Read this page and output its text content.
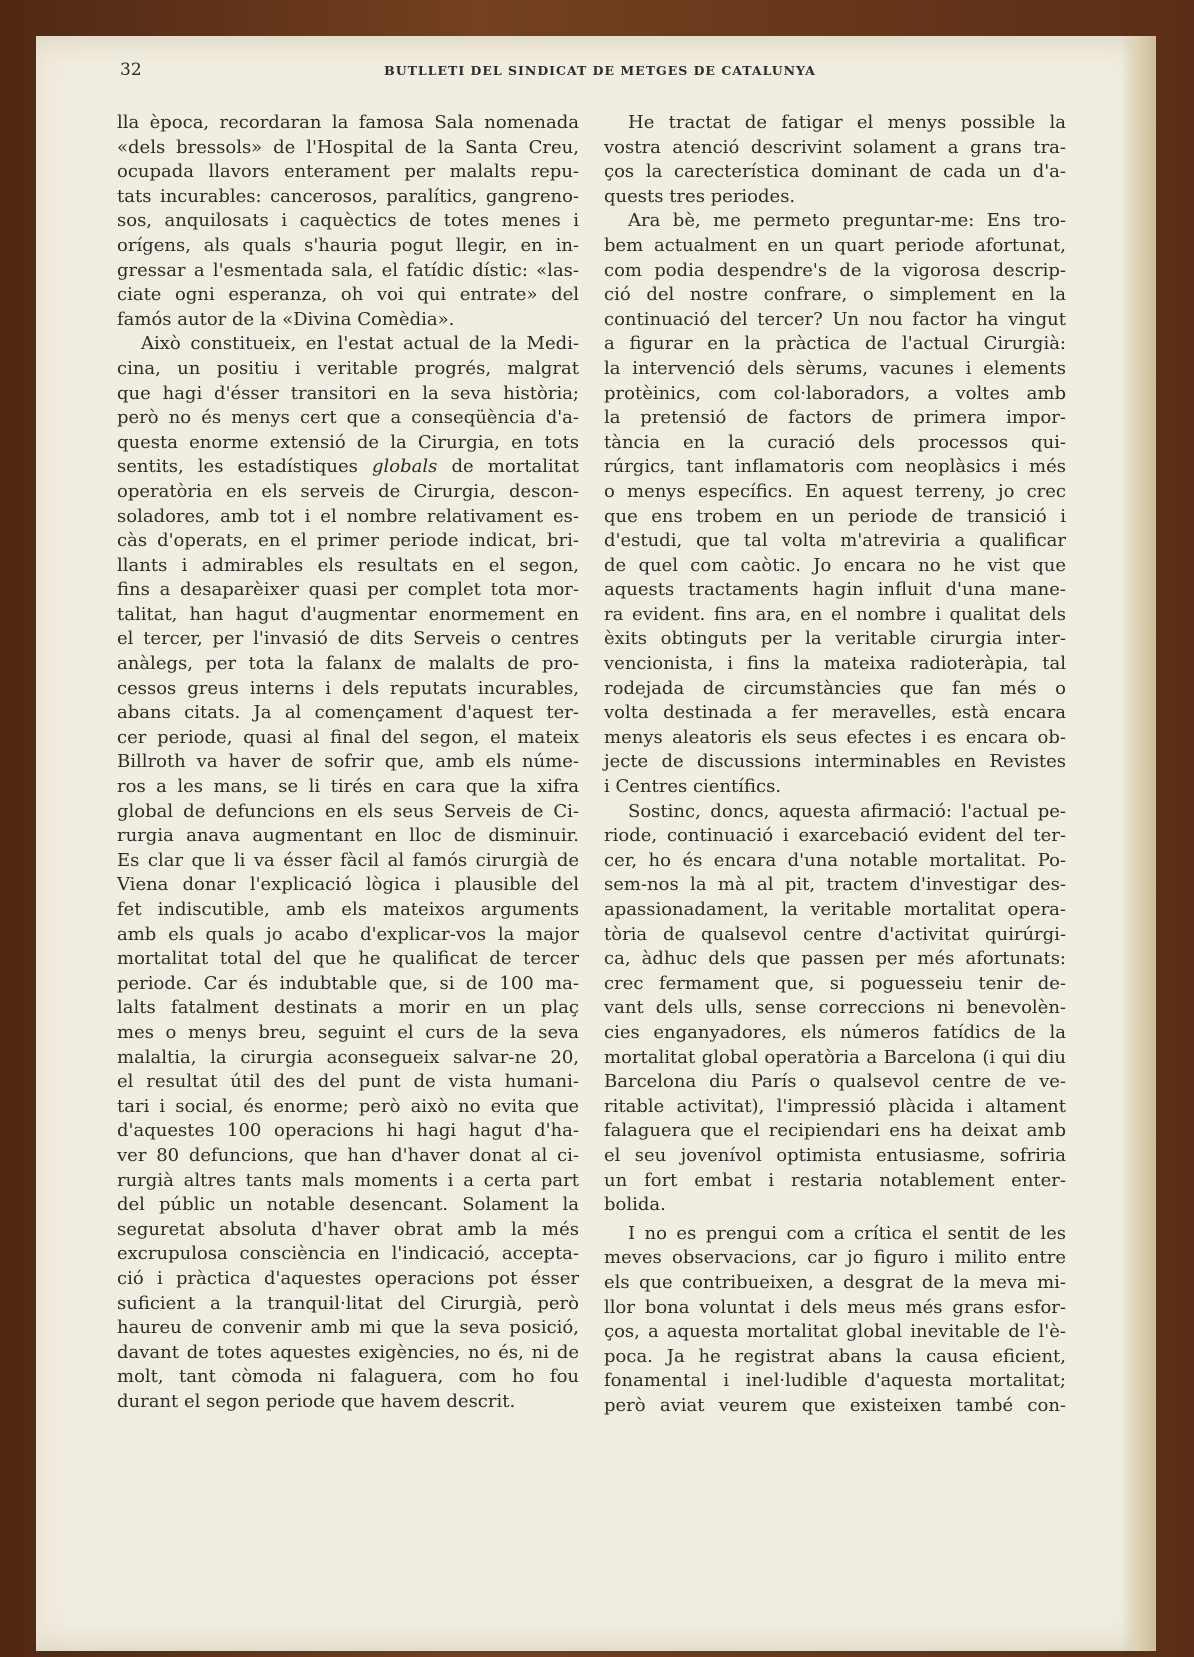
32	BUTLLETI DEL SINDICAT DE METGES DE CATALUNYA
lla època, recordaran la famosa Sala nomenada
«dels bressols» de l'Hospital de la Santa Creu,
ocupada llavors enterament per malalts repu-
tats incurables: cancerosos, paralítics, gangreno-
sos, anquilosats i caquèctics de totes menes i
orígens, als quals s'hauria pogut llegir, en in-
gressar a l'esmentada sala, el fatídic dístic: «las-
ciate ogni esperanza, oh voi qui entrate» del
famós autor de la «Divina Comèdia».
Això constitueix, en l'estat actual de la Medi-
cina, un positiu i veritable progrés, malgrat
que hagi d'ésser transitori en la seva història;
però no és menys cert que a conseqüència d'a-
questa enorme extensió de la Cirurgia, en tots
sentits, les estadístiques globals de mortalitat
operatòria en els serveis de Cirurgia, descon-
soladores, amb tot i el nombre relativament es-
càs d'operats, en el primer periode indicat, bri-
llants i admirables els resultats en el segon,
fins a desaparèixer quasi per complet tota mor-
talitat, han hagut d'augmentar enormement en
el tercer, per l'invasió de dits Serveis o centres
anàlegs, per tota la falanx de malalts de pro-
cessos greus interns i dels reputats incurables,
abans citats. Ja al començament d'aquest ter-
cer periode, quasi al final del segon, el mateix
Billroth va haver de sofrir que, amb els núme-
ros a les mans, se li tirés en cara que la xifra
global de defuncions en els seus Serveis de Ci-
rurgia anava augmentant en lloc de disminuir.
Es clar que li va ésser fàcil al famós cirurgià de
Viena donar l'explicació lògica i plausible del
fet indiscutible, amb els mateixos arguments
amb els quals jo acabo d'explicar-vos la major
mortalitat total del que he qualificat de tercer
periode. Car és indubtable que, si de 100 ma-
lalts fatalment destinats a morir en un plaç
mes o menys breu, seguint el curs de la seva
malaltia, la cirurgia aconsegueix salvar-ne 20,
el resultat útil des del punt de vista humani-
tari i social, és enorme; però això no evita que
d'aquestes 100 operacions hi hagi hagut d'ha-
ver 80 defuncions, que han d'haver donat al ci-
rurgià altres tants mals moments i a certa part
del públic un notable desencant. Solament la
seguretat absoluta d'haver obrat amb la més
excrupulosa consciència en l'indicació, accepta-
ció i pràctica d'aquestes operacions pot ésser
suficient a la tranquil·litat del Cirurgià, però
haureu de convenir amb mi que la seva posició,
davant de totes aquestes exigències, no és, ni de
molt, tant còmoda ni falaguera, com ho fou
durant el segon periode que havem descrit.
He tractat de fatigar el menys possible la
vostra atenció descrivint solament a grans tra-
ços la carecterística dominant de cada un d'a-
quests tres periodes.
Ara bè, me permeto preguntar-me: Ens tro-
bem actualment en un quart periode afortunat,
com podia despendre's de la vigorosa descrip-
ció del nostre confrare, o simplement en la
continuació del tercer? Un nou factor ha vingut
a figurar en la pràctica de l'actual Cirurgià:
la intervenció dels sèrums, vacunes i elements
protèinics, com col·laboradors, a voltes amb
la pretensió de factors de primera impor-
tància en la curació dels processos qui-
rúrgics, tant inflamatoris com neoplàsics i més
o menys específics. En aquest terreny, jo crec
que ens trobem en un periode de transició i
d'estudi, que tal volta m'atreviria a qualificar
de quel com caòtic. Jo encara no he vist que
aquests tractaments hagin influit d'una mane-
ra evident. fins ara, en el nombre i qualitat dels
èxits obtinguts per la veritable cirurgia inter-
vencionista, i fins la mateixa radioteràpia, tal
rodejada de circumstàncies que fan més o
volta destinada a fer meravelles, està encara
menys aleatoris els seus efectes i es encara ob-
jecte de discussions interminables en Revistes
i Centres científics.
Sostinc, doncs, aquesta afirmació: l'actual pe-
riode, continuació i exarcebació evident del ter-
cer, ho és encara d'una notable mortalitat. Po-
sem-nos la mà al pit, tractem d'investigar des-
apassionadament, la veritable mortalitat opera-
tòria de qualsevol centre d'activitat quirúrgi-
ca, àdhuc dels que passen per més afortunats:
crec fermament que, si poguesseiu tenir de-
vant dels ulls, sense correccions ni benevolèn-
cies enganyadores, els números fatídics de la
mortalitat global operatòria a Barcelona (i qui diu
Barcelona diu París o qualsevol centre de ve-
ritable activitat), l'impressió plàcida i altament
falaguera que el recipiendari ens ha deixat amb
el seu jovenívol optimista entusiasme, sofriria
un fort embat i restaria notablement enter-
bolida.
I no es prengui com a crítica el sentit de les
meves observacions, car jo figuro i milito entre
els que contribueixen, a desgrat de la meva mi-
llor bona voluntat i dels meus més grans esfor-
ços, a aquesta mortalitat global inevitable de l'è-
poca. Ja he registrat abans la causa eficient,
fonamental i inel·ludible d'aquesta mortalitat;
però aviat veurem que existeixen també con-
